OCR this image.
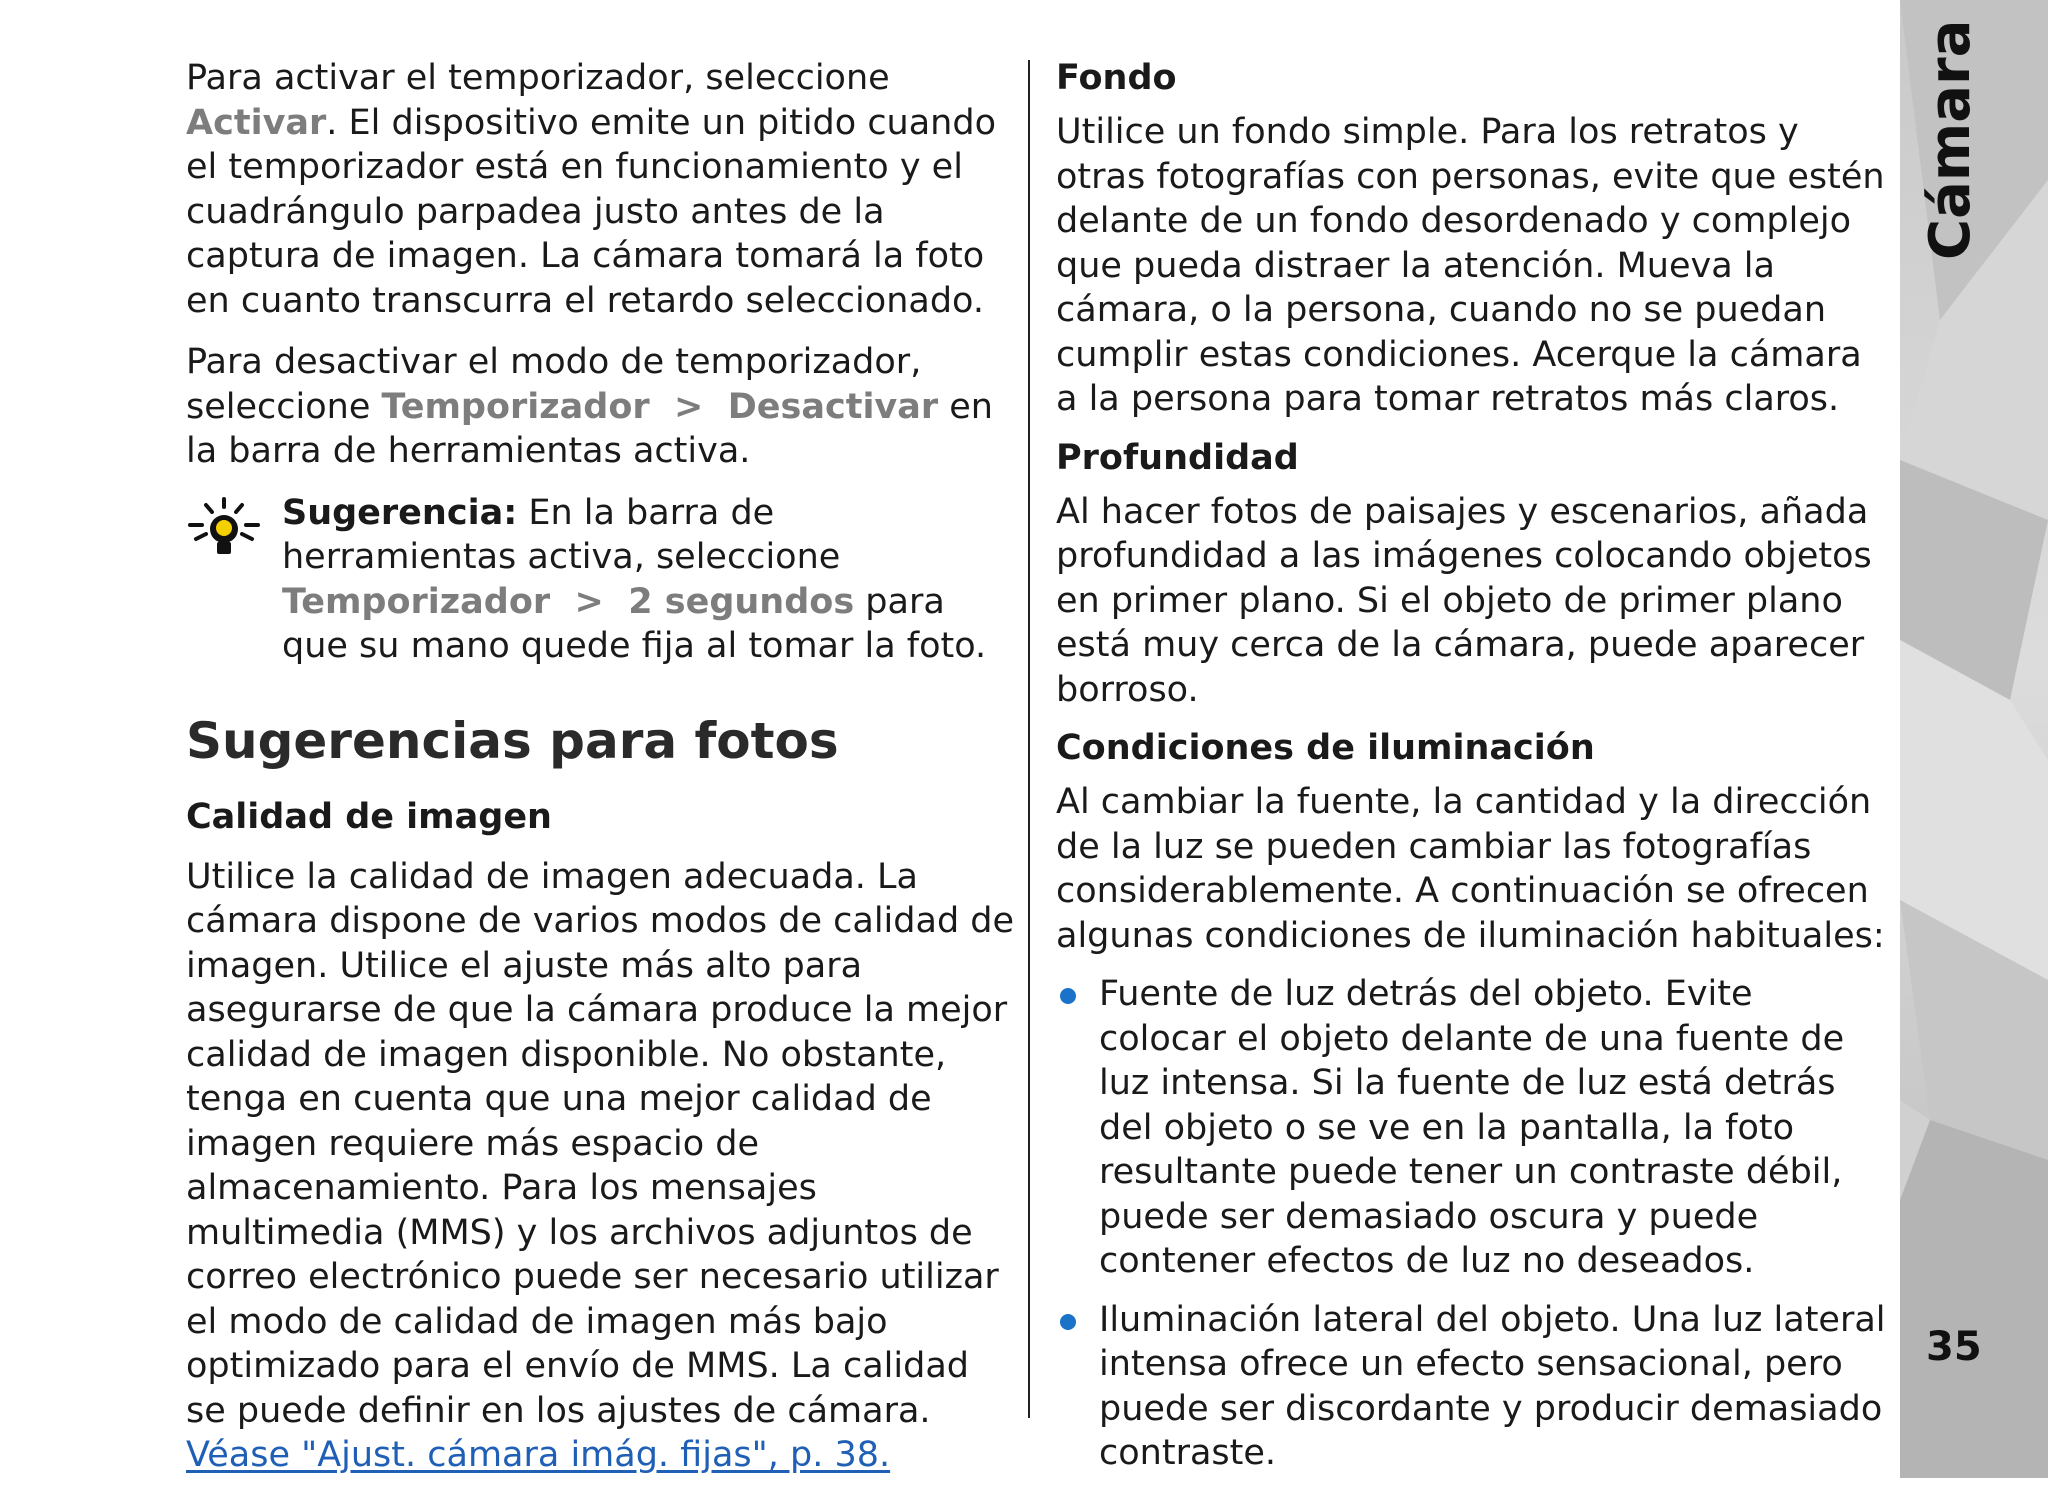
Para activar el temporizador, seleccione Activar. El dispositivo emite un pitido cuando el temporizador está en funcionamiento y el cuadrángulo parpadea justo antes de la captura de imagen. La cámara tomará la foto en cuanto transcurra el retardo seleccionado.

Para desactivar el modo de temporizador, seleccione Temporizador  >  Desactivar en la barra de herramientas activa.

Sugerencia: En la barra de herramientas activa, seleccione Temporizador  >  2 segundos para que su mano quede fija al tomar la foto.
Sugerencias para fotos
Calidad de imagen

Utilice la calidad de imagen adecuada. La cámara dispone de varios modos de calidad de imagen. Utilice el ajuste más alto para asegurarse de que la cámara produce la mejor calidad de imagen disponible. No obstante, tenga en cuenta que una mejor calidad de imagen requiere más espacio de almacenamiento. Para los mensajes multimedia (MMS) y los archivos adjuntos de correo electrónico puede ser necesario utilizar el modo de calidad de imagen más bajo optimizado para el envío de MMS. La calidad se puede definir en los ajustes de cámara. Véase "Ajust. cámara imág. fijas", p. 38.

Fondo

Utilice un fondo simple. Para los retratos y otras fotografías con personas, evite que estén delante de un fondo desordenado y complejo que pueda distraer la atención. Mueva la cámara, o la persona, cuando no se puedan cumplir estas condiciones. Acerque la cámara a la persona para tomar retratos más claros.

Profundidad

Al hacer fotos de paisajes y escenarios, añada profundidad a las imágenes colocando objetos en primer plano. Si el objeto de primer plano está muy cerca de la cámara, puede aparecer borroso.

Condiciones de iluminación

Al cambiar la fuente, la cantidad y la dirección de la luz se pueden cambiar las fotografías considerablemente. A continuación se ofrecen algunas condiciones de iluminación habituales:

Fuente de luz detrás del objeto. Evite colocar el objeto delante de una fuente de luz intensa. Si la fuente de luz está detrás del objeto o se ve en la pantalla, la foto resultante puede tener un contraste débil, puede ser demasiado oscura y puede contener efectos de luz no deseados.
Iluminación lateral del objeto. Una luz lateral intensa ofrece un efecto sensacional, pero puede ser discordante y producir demasiado contraste.
Cámara
35
